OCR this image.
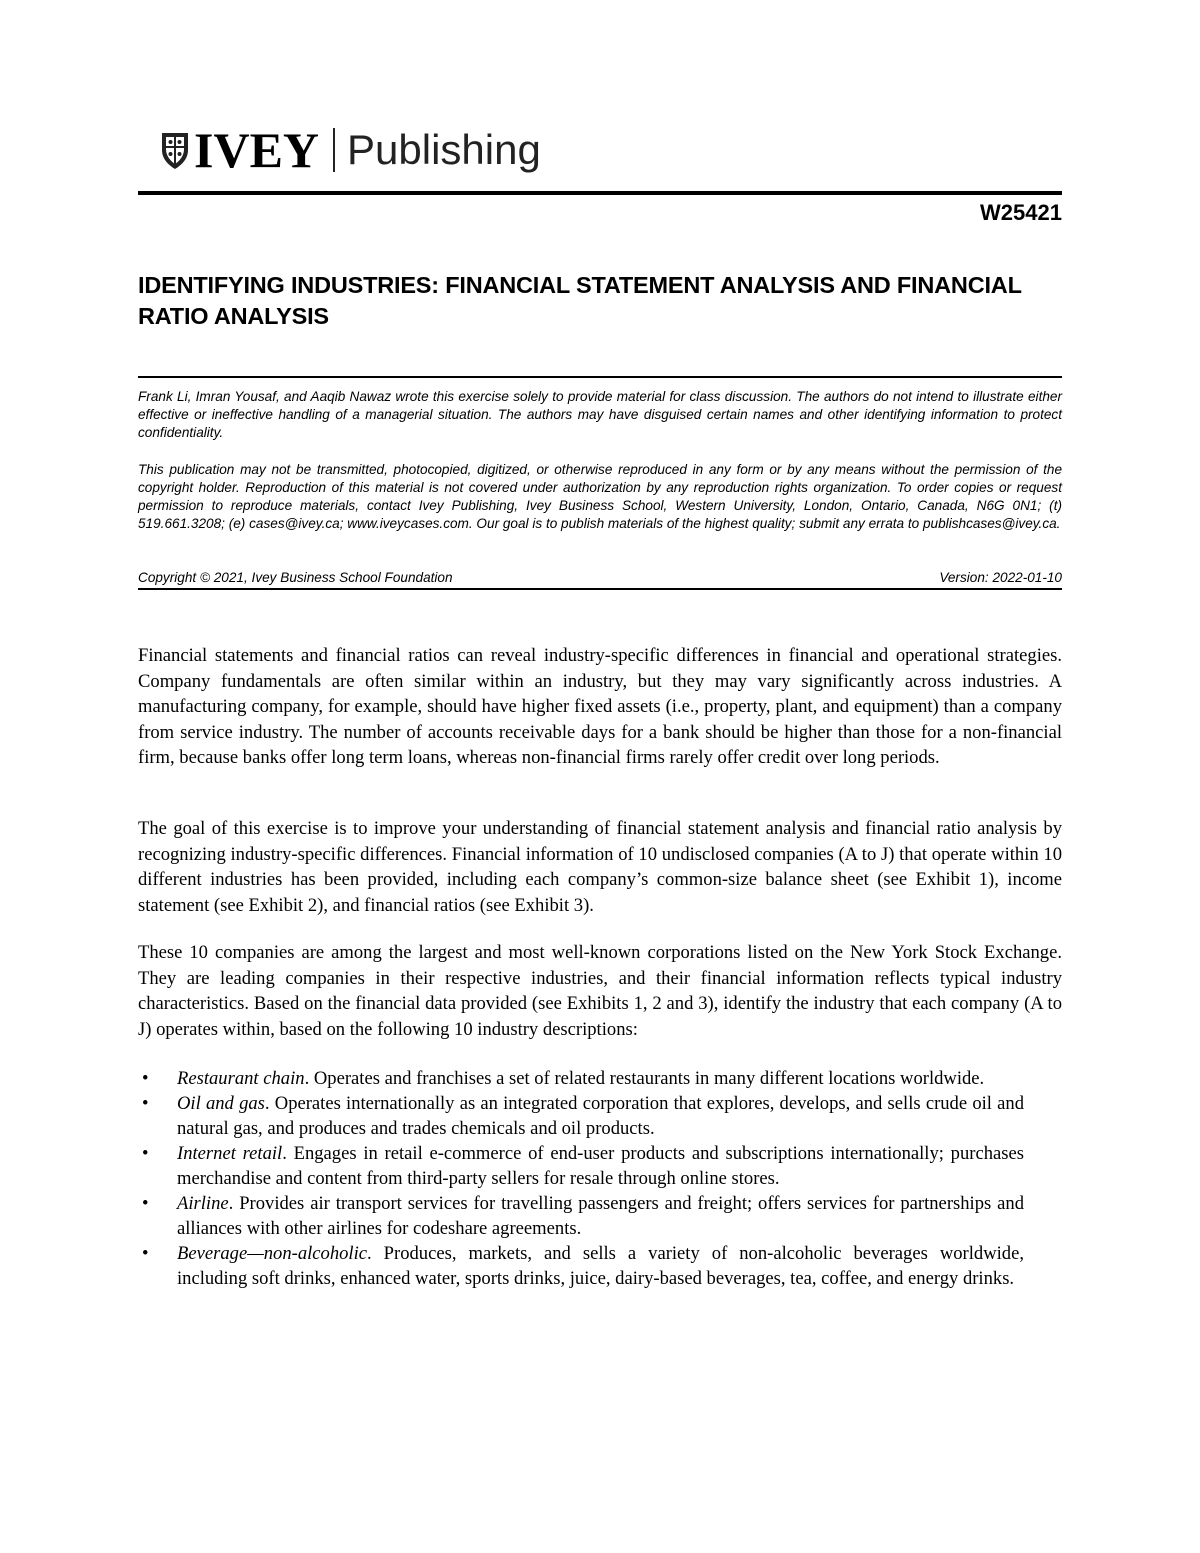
IVEY Publishing
W25421
IDENTIFYING INDUSTRIES: FINANCIAL STATEMENT ANALYSIS AND FINANCIAL RATIO ANALYSIS
Frank Li, Imran Yousaf, and Aaqib Nawaz wrote this exercise solely to provide material for class discussion. The authors do not intend to illustrate either effective or ineffective handling of a managerial situation. The authors may have disguised certain names and other identifying information to protect confidentiality.
This publication may not be transmitted, photocopied, digitized, or otherwise reproduced in any form or by any means without the permission of the copyright holder. Reproduction of this material is not covered under authorization by any reproduction rights organization. To order copies or request permission to reproduce materials, contact Ivey Publishing, Ivey Business School, Western University, London, Ontario, Canada, N6G 0N1; (t) 519.661.3208; (e) cases@ivey.ca; www.iveycases.com. Our goal is to publish materials of the highest quality; submit any errata to publishcases@ivey.ca.
Copyright © 2021, Ivey Business School Foundation	Version: 2022-01-10

Financial statements and financial ratios can reveal industry-specific differences in financial and operational strategies. Company fundamentals are often similar within an industry, but they may vary significantly across industries. A manufacturing company, for example, should have higher fixed assets (i.e., property, plant, and equipment) than a company from service industry. The number of accounts receivable days for a bank should be higher than those for a non-financial firm, because banks offer long term loans, whereas non-financial firms rarely offer credit over long periods.

The goal of this exercise is to improve your understanding of financial statement analysis and financial ratio analysis by recognizing industry-specific differences. Financial information of 10 undisclosed companies (A to J) that operate within 10 different industries has been provided, including each company’s common-size balance sheet (see Exhibit 1), income statement (see Exhibit 2), and financial ratios (see Exhibit 3).

These 10 companies are among the largest and most well-known corporations listed on the New York Stock Exchange. They are leading companies in their respective industries, and their financial information reflects typical industry characteristics. Based on the financial data provided (see Exhibits 1, 2 and 3), identify the industry that each company (A to J) operates within, based on the following 10 industry descriptions:

• Restaurant chain. Operates and franchises a set of related restaurants in many different locations worldwide.
• Oil and gas. Operates internationally as an integrated corporation that explores, develops, and sells crude oil and natural gas, and produces and trades chemicals and oil products.
• Internet retail. Engages in retail e-commerce of end-user products and subscriptions internationally; purchases merchandise and content from third-party sellers for resale through online stores.
• Airline. Provides air transport services for travelling passengers and freight; offers services for partnerships and alliances with other airlines for codeshare agreements.
• Beverage—non-alcoholic. Produces, markets, and sells a variety of non-alcoholic beverages worldwide, including soft drinks, enhanced water, sports drinks, juice, dairy-based beverages, tea, coffee, and energy drinks.
